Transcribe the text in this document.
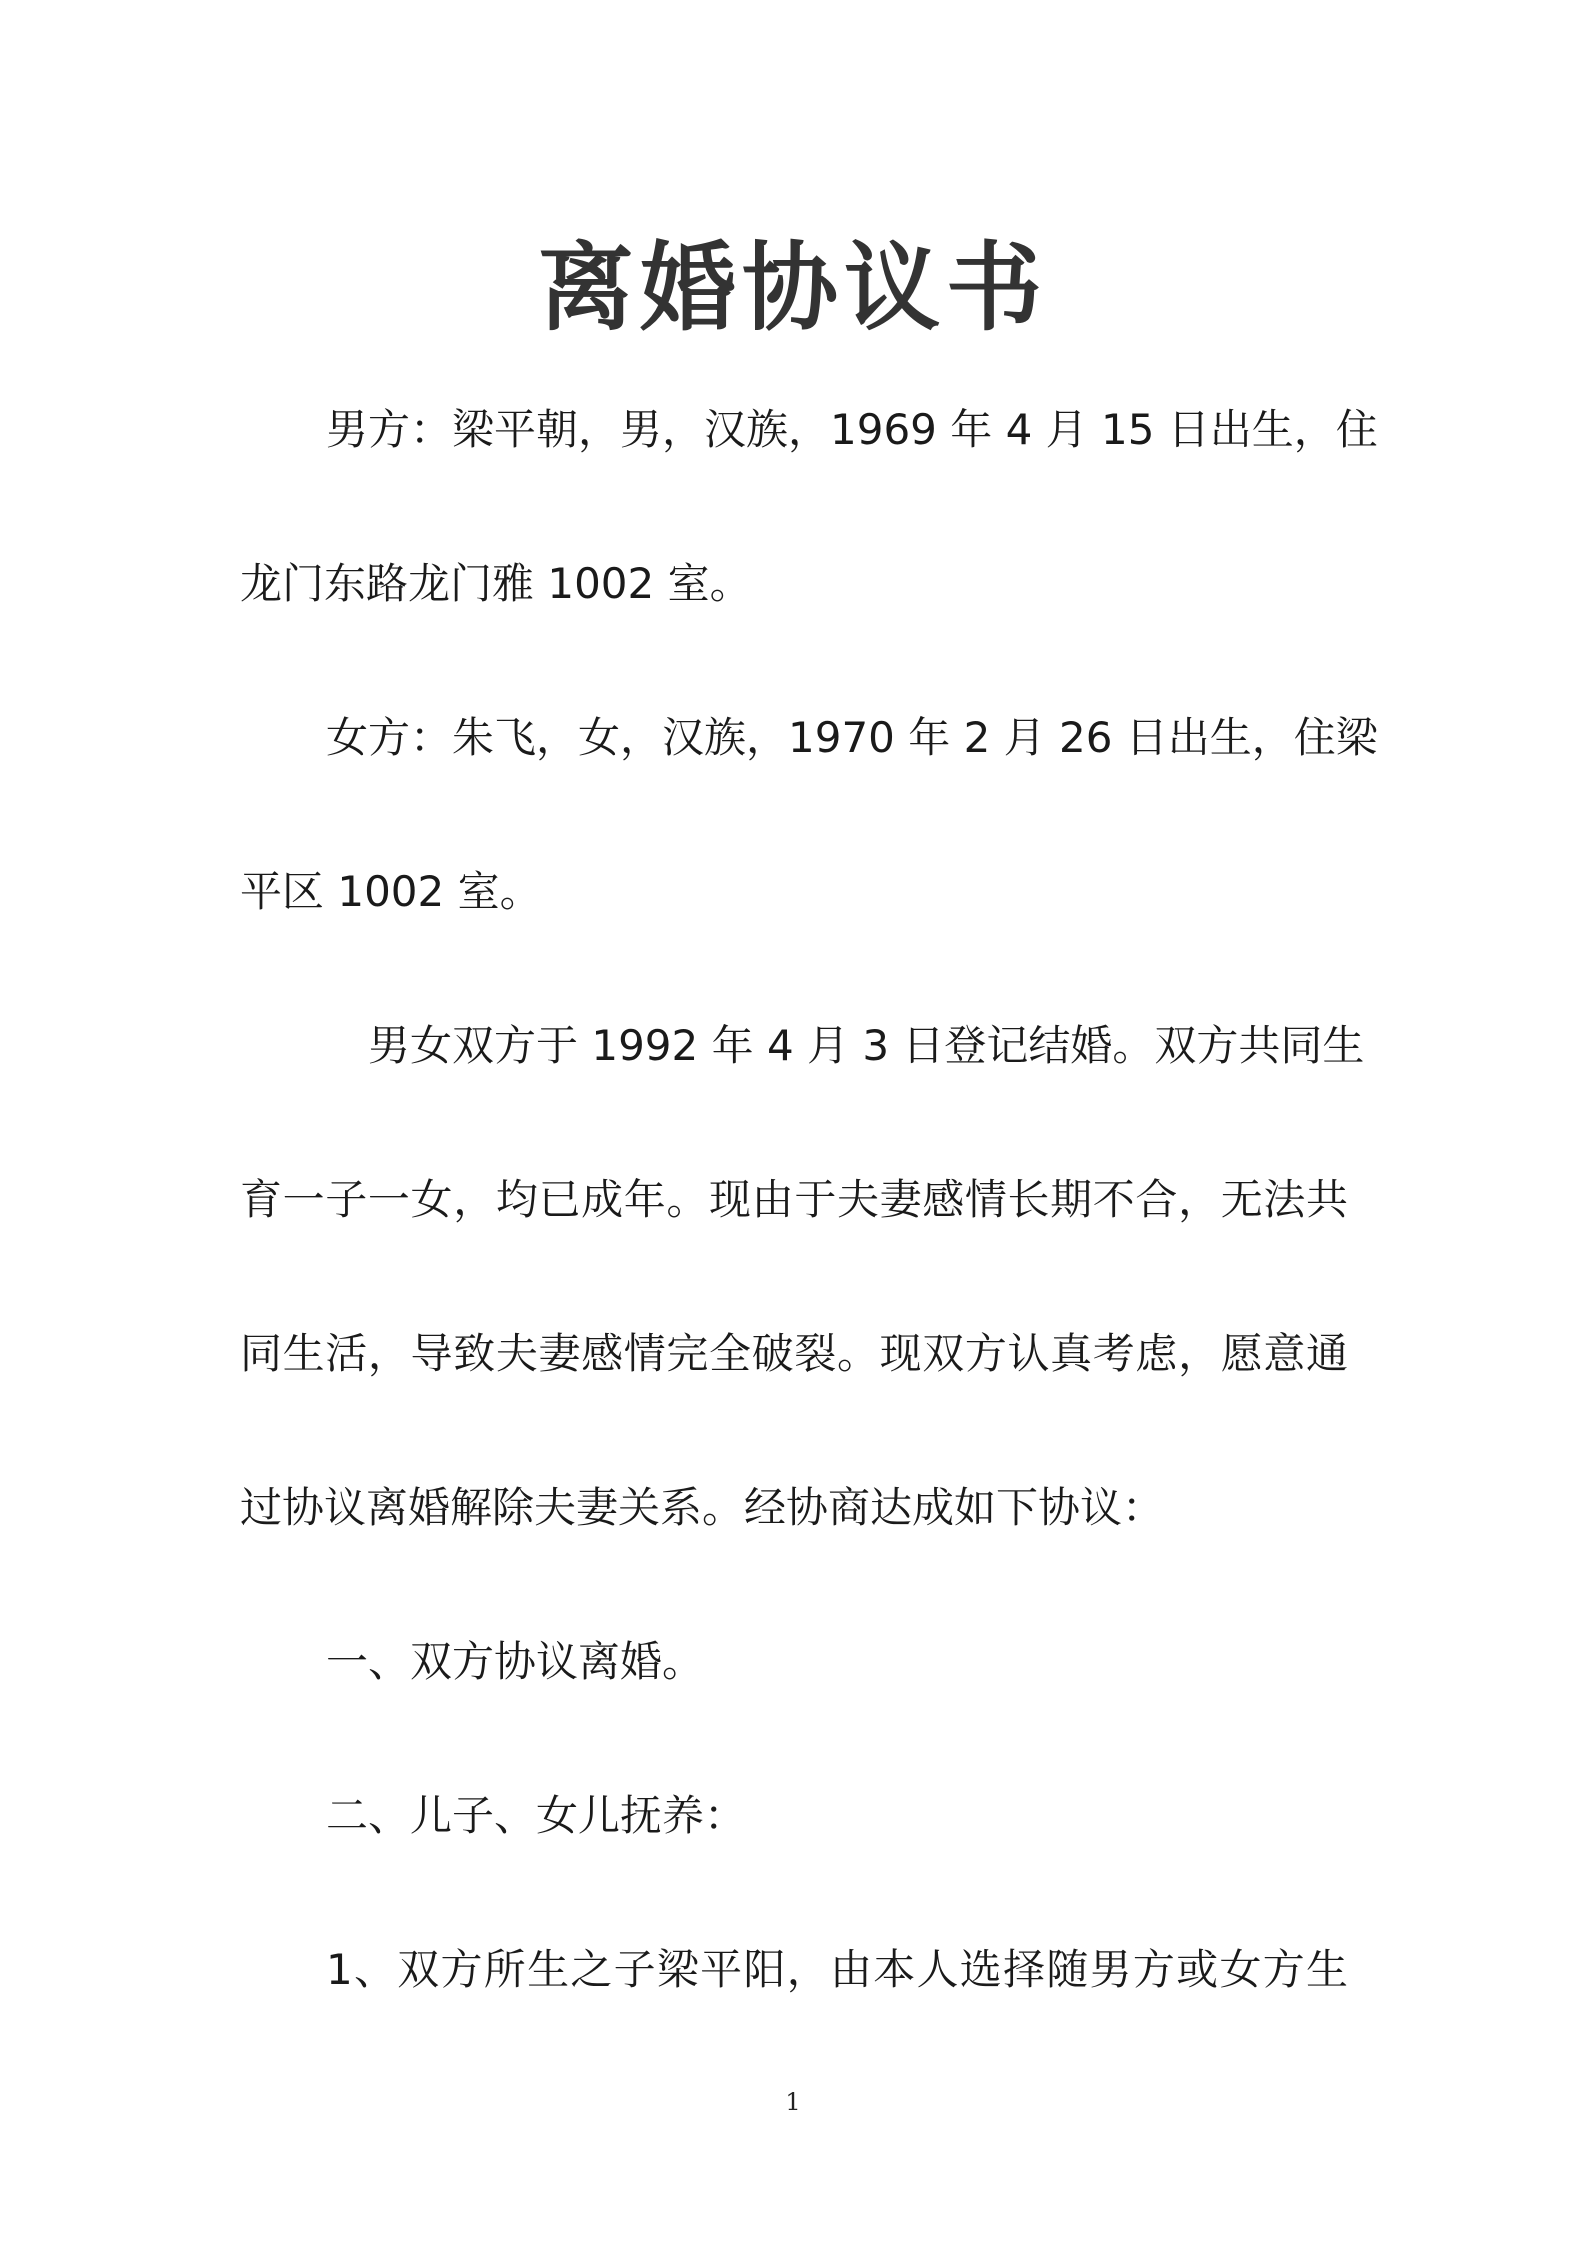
离婚协议书
男方：梁平朝，男，汉族，1969 年 4 月 15 日出生，住
龙门东路龙门雅 1002 室。
女方：朱飞，女，汉族，1970 年 2 月 26 日出生，住梁
平区 1002 室。
男女双方于 1992 年 4 月 3 日登记结婚。双方共同生
育一子一女，均已成年。现由于夫妻感情长期不合，无法共
同生活，导致夫妻感情完全破裂。现双方认真考虑，愿意通
过协议离婚解除夫妻关系。经协商达成如下协议：
一、双方协议离婚。
二、儿子、女儿抚养：
1、双方所生之子梁平阳，由本人选择随男方或女方生
1
